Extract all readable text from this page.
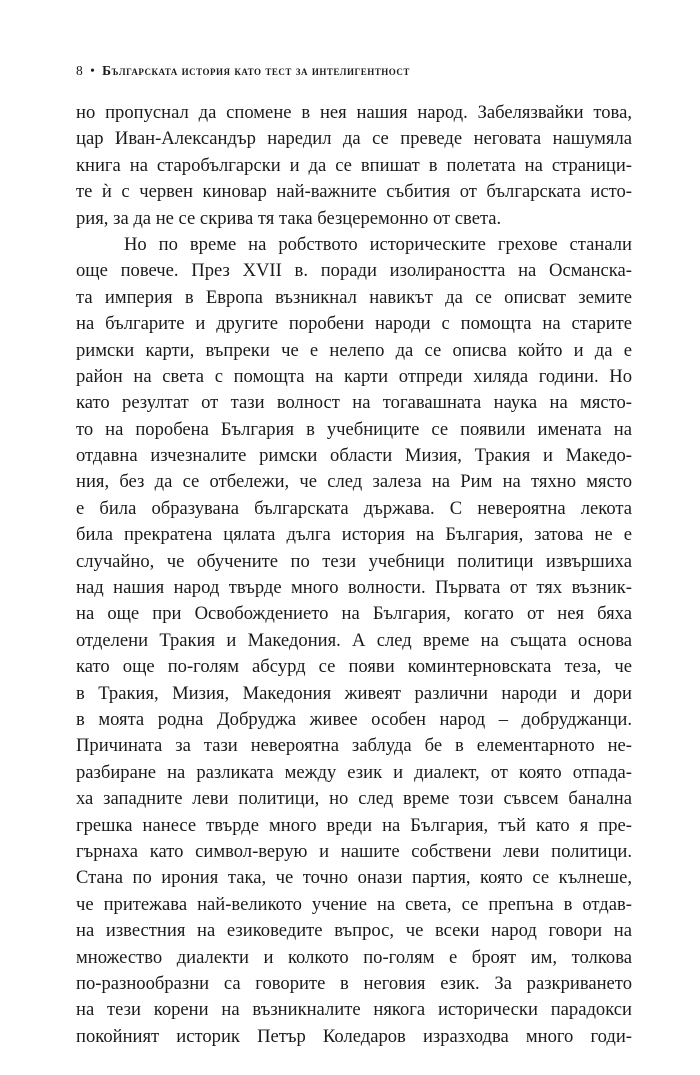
8 • Българската история като тест за интелигентност
но пропуснал да спомене в нея нашия народ. Забелязвайки това,
цар Иван-Александър наредил да се преведе неговата нашумяла
книга на старобългарски и да се впишат в полетата на страници-
те ѝ с червен киновар най-важните събития от българската исто-
рия, за да не се скрива тя така безцеремонно от света.
Но по време на робството историческите грехове станали
още повече. През XVII в. поради изолираността на Османска-
та империя в Европа възникнал навикът да се описват земите
на българите и другите поробени народи с помощта на старите
римски карти, въпреки че е нелепо да се описва който и да е
район на света с помощта на карти отпреди хиляда години. Но
като резултат от тази волност на тогавашната наука на място-
то на поробена България в учебниците се появили имената на
отдавна изчезналите римски области Мизия, Тракия и Македо-
ния, без да се отбележи, че след залеза на Рим на тяхно място
е била образувана българската държава. С невероятна лекота
била прекратена цялата дълга история на България, затова не е
случайно, че обучените по тези учебници политици извършиха
над нашия народ твърде много волности. Първата от тях възник-
на още при Освобождението на България, когато от нея бяха
отделени Тракия и Македония. А след време на същата основа
като още по-голям абсурд се появи коминтерновската теза, че
в Тракия, Мизия, Македония живеят различни народи и дори
в моята родна Добруджа живее особен народ – добруджанци.
Причината за тази невероятна заблуда бе в елементарното не-
разбиране на разликата между език и диалект, от която отпада-
ха западните леви политици, но след време този съвсем банална
грешка нанесе твърде много вреди на България, тъй като я пре-
гърнаха като символ-верую и нашите собствени леви политици.
Стана по ирония така, че точно онази партия, която се кълнеше,
че притежава най-великото учение на света, се препъна в отдав-
на известния на езиковедите въпрос, че всеки народ говори на
множество диалекти и колкото по-голям е броят им, толкова
по-разнообразни са говорите в неговия език. За разкриването
на тези корени на възникналите някога исторически парадокси
покойният историк Петър Коледаров изразходва много годи-
